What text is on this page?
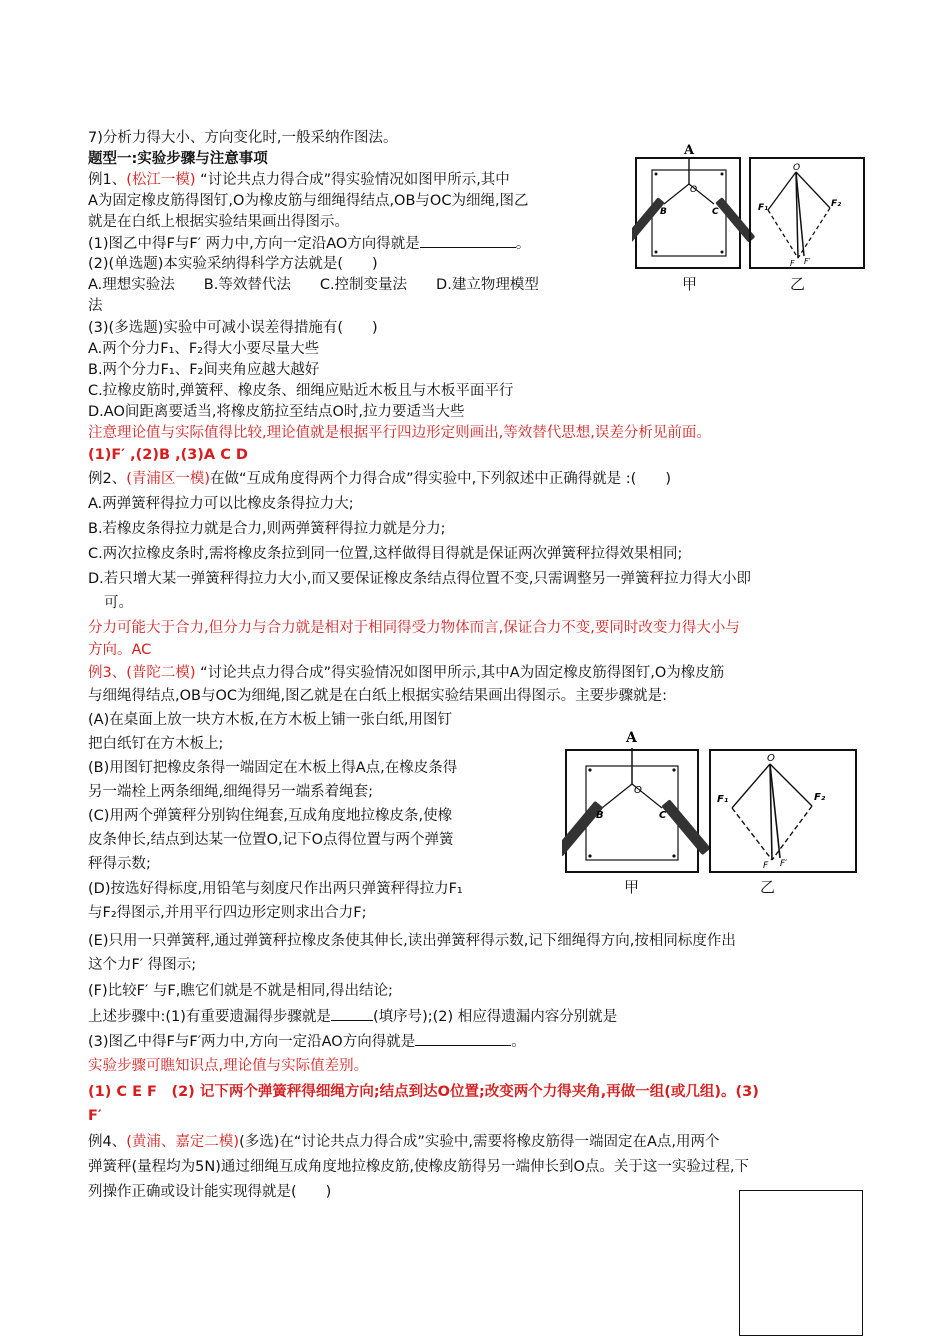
7)分析力得大小、方向变化时,一般采纳作图法。
题型一:实验步骤与注意事项
例1、(松江一模) “讨论共点力得合成”得实验情况如图甲所示,其中
A为固定橡皮筋得图钉,O为橡皮筋与细绳得结点,OB与OC为细绳,图乙
就是在白纸上根据实验结果画出得图示。
(1)图乙中得F与F′ 两力中,方向一定沿AO方向得就是	。
(2)(单选题)本实验采纳得科学方法就是(　　)
A.理想实验法　　B.等效替代法　　C.控制变量法　　D.建立物理模型
法
(3)(多选题)实验中可减小误差得措施有(　　)
A.两个分力F₁、F₂得大小要尽量大些
B.两个分力F₁、F₂间夹角应越大越好
C.拉橡皮筋时,弹簧秤、橡皮条、细绳应贴近木板且与木板平面平行
D.AO间距离要适当,将橡皮筋拉至结点O时,拉力要适当大些
注意理论值与实际值得比较,理论值就是根据平行四边形定则画出,等效替代思想,误差分析见前面。
(1)F′ ,(2)B ,(3)A C D
例2、(青浦区一模)在做“互成角度得两个力得合成”得实验中,下列叙述中正确得就是 :(　　)
A.两弹簧秤得拉力可以比橡皮条得拉力大;
B.若橡皮条得拉力就是合力,则两弹簧秤得拉力就是分力;
C.两次拉橡皮条时,需将橡皮条拉到同一位置,这样做得目得就是保证两次弹簧秤拉得效果相同;
D.若只增大某一弹簧秤得拉力大小,而又要保证橡皮条结点得位置不变,只需调整另一弹簧秤拉力得大小即
可。
分力可能大于合力,但分力与合力就是相对于相同得受力物体而言,保证合力不变,要同时改变力得大小与
方向。AC
例3、(普陀二模) “讨论共点力得合成”得实验情况如图甲所示,其中A为固定橡皮筋得图钉,O为橡皮筋
与细绳得结点,OB与OC为细绳,图乙就是在白纸上根据实验结果画出得图示。主要步骤就是:
(A)在桌面上放一块方木板,在方木板上铺一张白纸,用图钉
把白纸钉在方木板上;
(B)用图钉把橡皮条得一端固定在木板上得A点,在橡皮条得
另一端栓上两条细绳,细绳得另一端系着绳套;
(C)用两个弹簧秤分别钩住绳套,互成角度地拉橡皮条,使橡
皮条伸长,结点到达某一位置O,记下O点得位置与两个弹簧
秤得示数;
(D)按选好得标度,用铅笔与刻度尺作出两只弹簧秤得拉力F₁
与F₂得图示,并用平行四边形定则求出合力F;
(E)只用一只弹簧秤,通过弹簧秤拉橡皮条使其伸长,读出弹簧秤得示数,记下细绳得方向,按相同标度作出
这个力F′ 得图示;
(F)比较F′ 与F,瞧它们就是不就是相同,得出结论;
上述步骤中:(1)有重要遗漏得步骤就是	(填序号);(2) 相应得遗漏内容分别就是
(3)图乙中得F与F′两力中,方向一定沿AO方向得就是	。
实验步骤可瞧知识点,理论值与实际值差别。
(1) C E F　(2) 记下两个弹簧秤得细绳方向;结点到达O位置;改变两个力得夹角,再做一组(或几组)。(3)
F′
例4、(黄浦、嘉定二模)(多选)在“讨论共点力得合成”实验中,需要将橡皮筋得一端固定在A点,用两个
弹簧秤(量程均为5N)通过细绳互成角度地拉橡皮筋,使橡皮筋得另一端伸长到O点。关于这一实验过程,下
列操作正确或设计能实现得就是(　　)
A
O
B	C
O
F₁	F₂
F F′
甲	乙
A
O
B	C
O
F₁	F₂
F F′
甲	乙
